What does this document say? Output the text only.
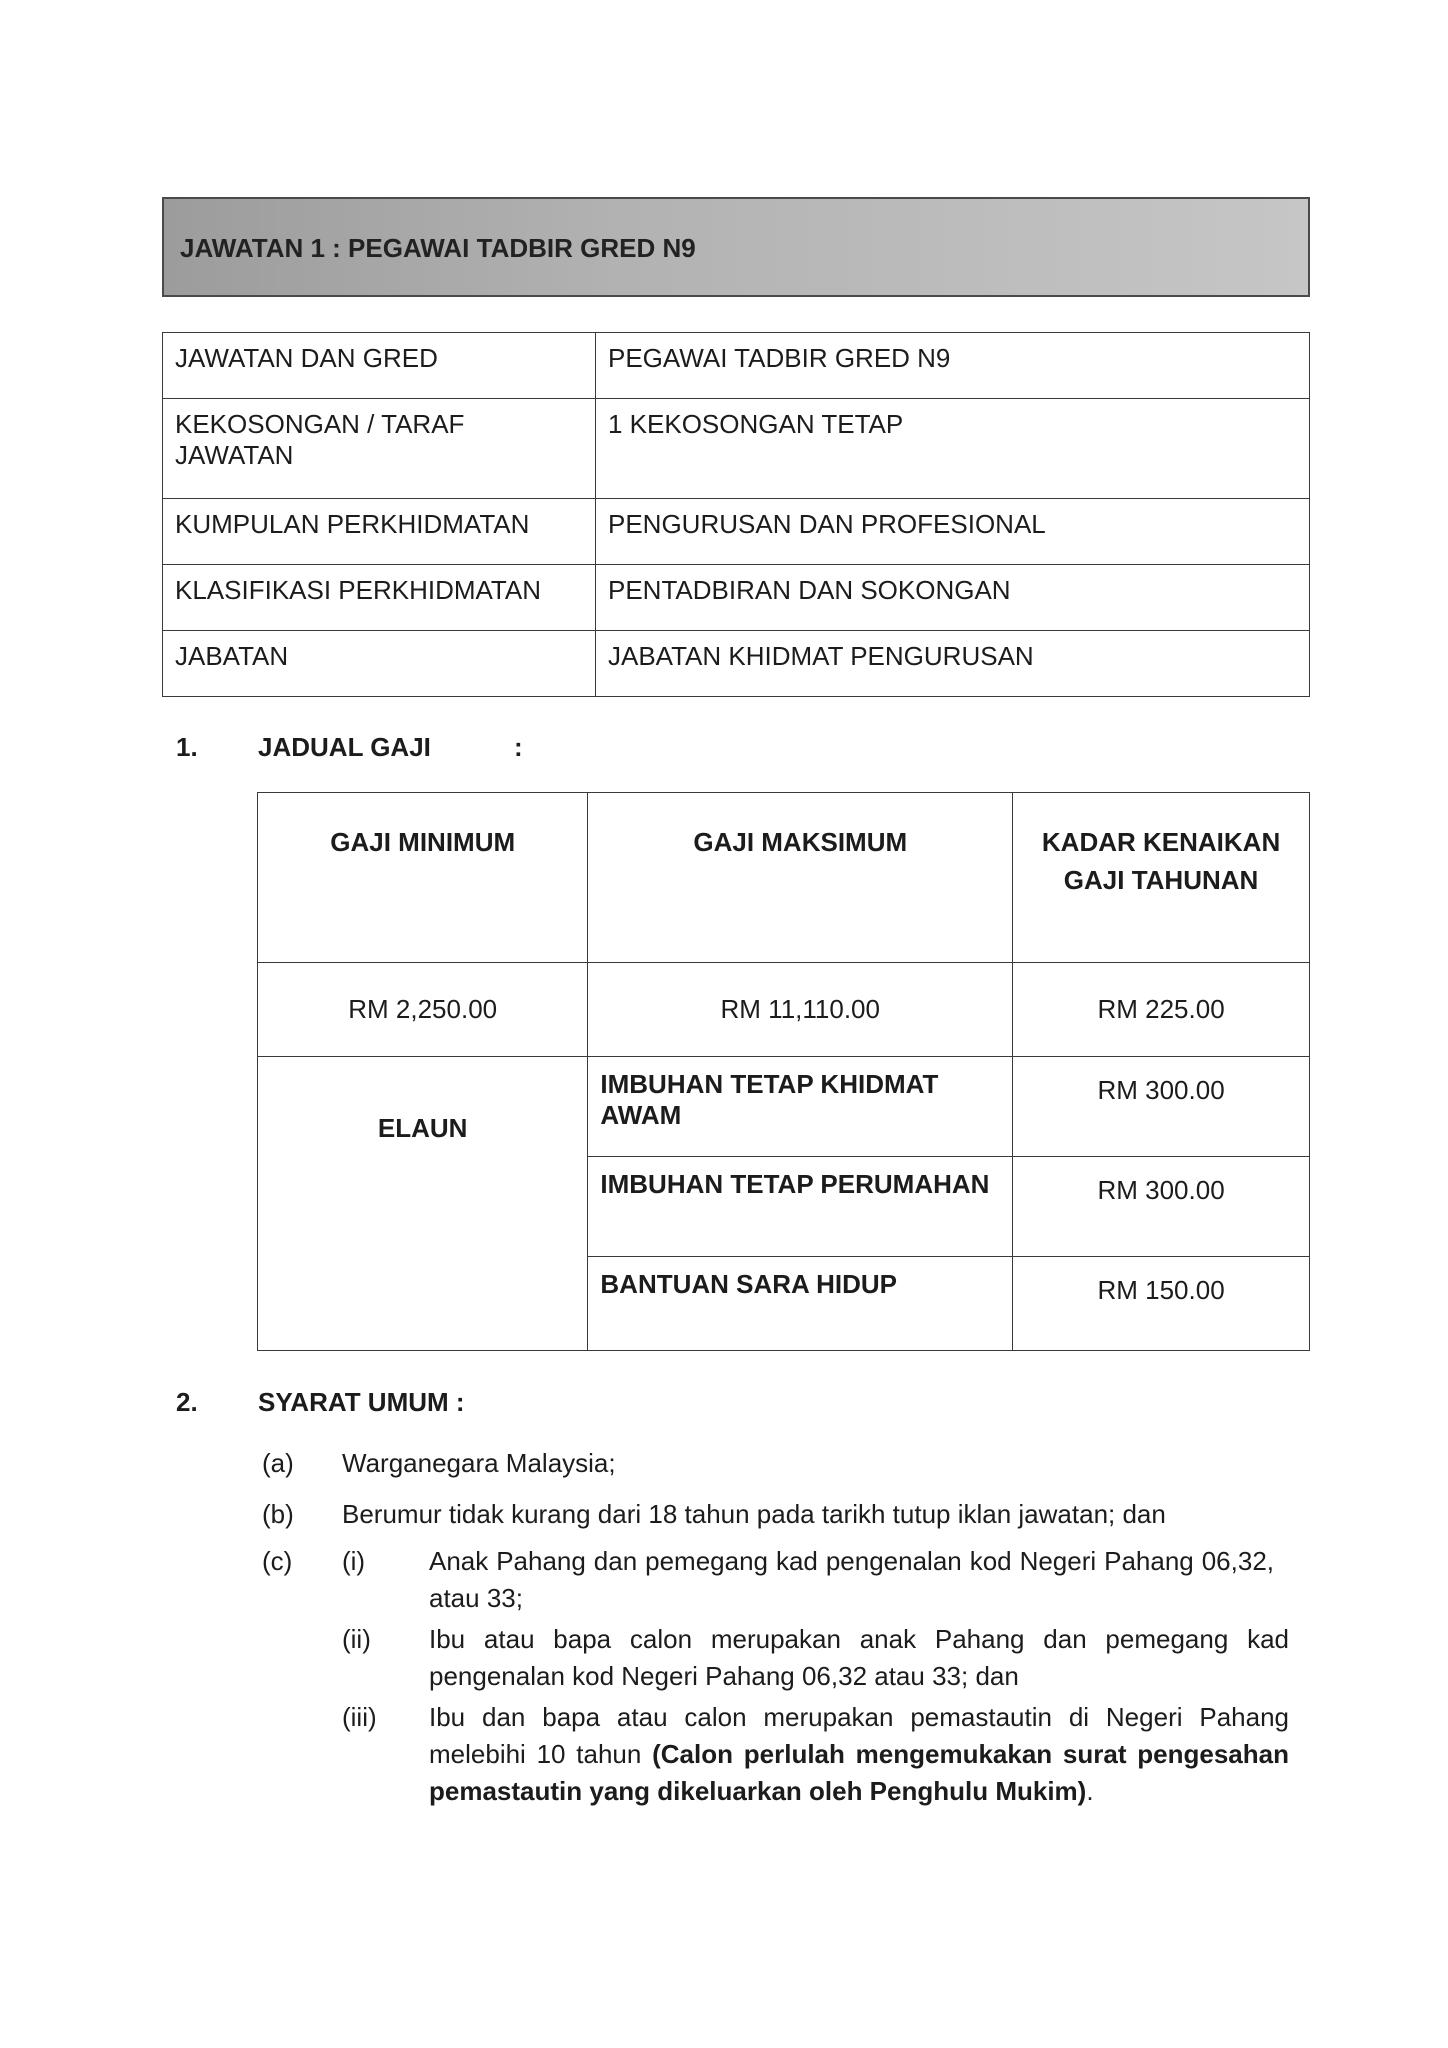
JAWATAN 1 : PEGAWAI TADBIR GRED N9
JAWATAN DAN GRED	PEGAWAI TADBIR GRED N9
KEKOSONGAN / TARAF JAWATAN	1 KEKOSONGAN TETAP
KUMPULAN PERKHIDMATAN	PENGURUSAN DAN PROFESIONAL
KLASIFIKASI PERKHIDMATAN	PENTADBIRAN DAN SOKONGAN
JABATAN	JABATAN KHIDMAT PENGURUSAN
1. JADUAL GAJI	:
GAJI MINIMUM	GAJI MAKSIMUM	KADAR KENAIKAN GAJI TAHUNAN
RM 2,250.00	RM 11,110.00	RM 225.00
ELAUN	IMBUHAN TETAP KHIDMAT AWAM	RM 300.00
	IMBUHAN TETAP PERUMAHAN	RM 300.00
	BANTUAN SARA HIDUP	RM 150.00
2. SYARAT UMUM :
(a) Warganegara Malaysia;
(b) Berumur tidak kurang dari 18 tahun pada tarikh tutup iklan jawatan; dan
(c) (i) Anak Pahang dan pemegang kad pengenalan kod Negeri Pahang 06,32, atau 33;
(ii) Ibu atau bapa calon merupakan anak Pahang dan pemegang kad pengenalan kod Negeri Pahang 06,32 atau 33; dan
(iii) Ibu dan bapa atau calon merupakan pemastautin di Negeri Pahang melebihi 10 tahun (Calon perlulah mengemukakan surat pengesahan pemastautin yang dikeluarkan oleh Penghulu Mukim).
